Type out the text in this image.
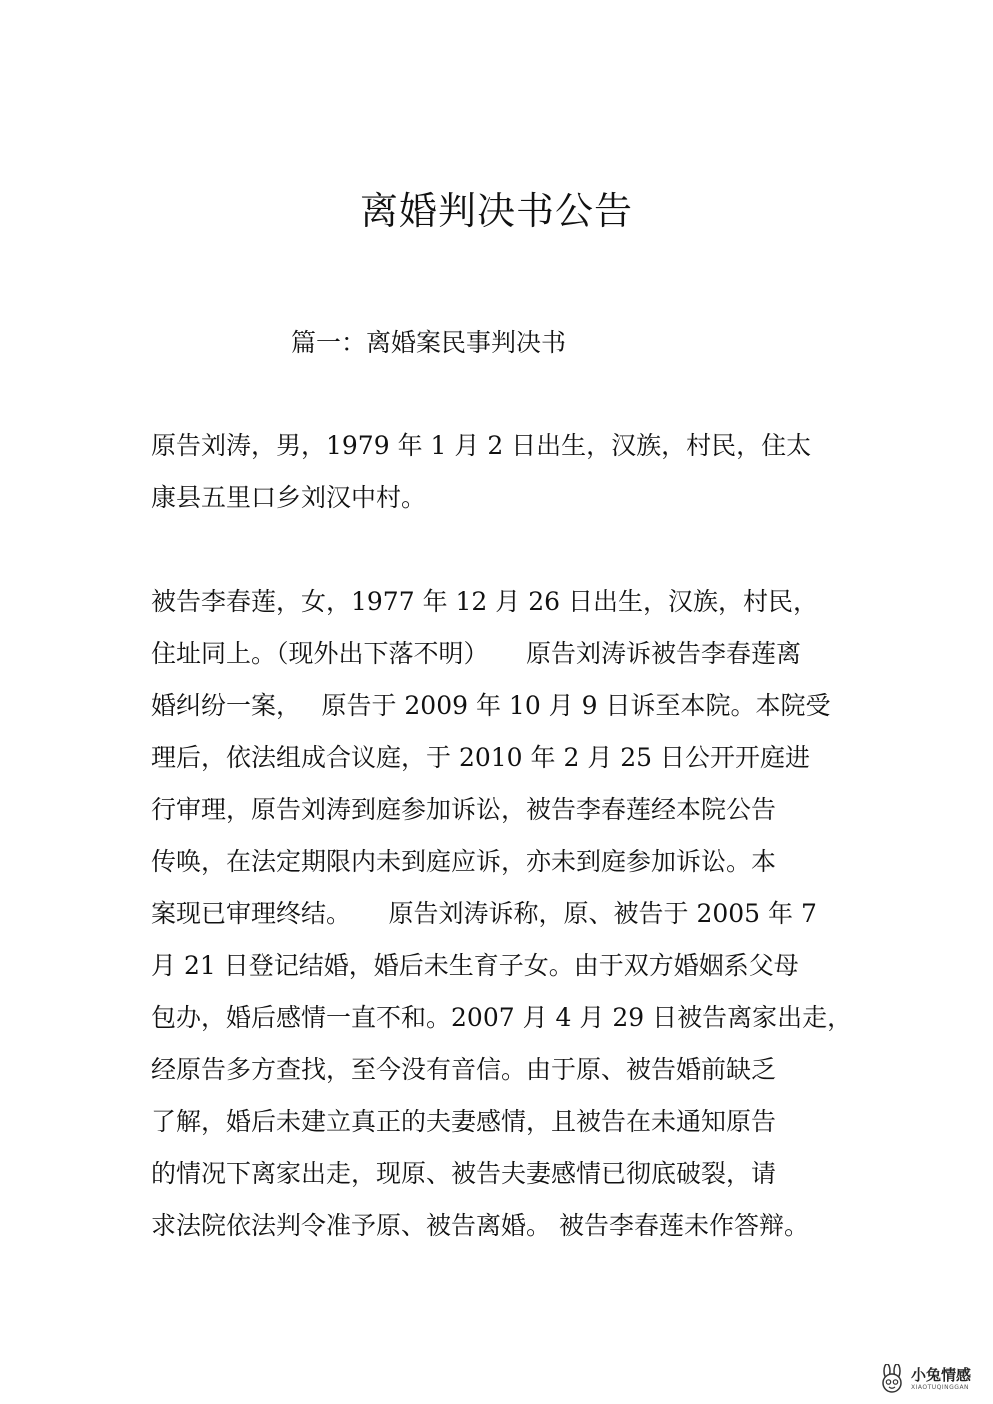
离婚判决书公告
篇一：离婚案民事判决书
原告刘涛，男，1979 年 1 月 2 日出生，汉族，村民，住太
康县五里口乡刘汉中村。
被告李春莲，女，1977 年 12 月 26 日出生，汉族，村民，
住址同上。（现外出下落不明）　　原告刘涛诉被告李春莲离
婚纠纷一案，　 原告于 2009 年 10 月 9 日诉至本院。本院受
理后，依法组成合议庭，于 2010 年 2 月 25 日公开开庭进
行审理，原告刘涛到庭参加诉讼，被告李春莲经本院公告
传唤，在法定期限内未到庭应诉，亦未到庭参加诉讼。本
案现已审理终结。　　原告刘涛诉称，原、被告于 2005 年 7
月 21 日登记结婚，婚后未生育子女。由于双方婚姻系父母
包办，婚后感情一直不和。2007 月 4 月 29 日被告离家出走，
经原告多方查找，至今没有音信。由于原、被告婚前缺乏
了解，婚后未建立真正的夫妻感情，且被告在未通知原告
的情况下离家出走，现原、被告夫妻感情已彻底破裂，请
求法院依法判令准予原、被告离婚。 被告李春莲未作答辩。
小兔情感
XIAOTUQINGGAN
